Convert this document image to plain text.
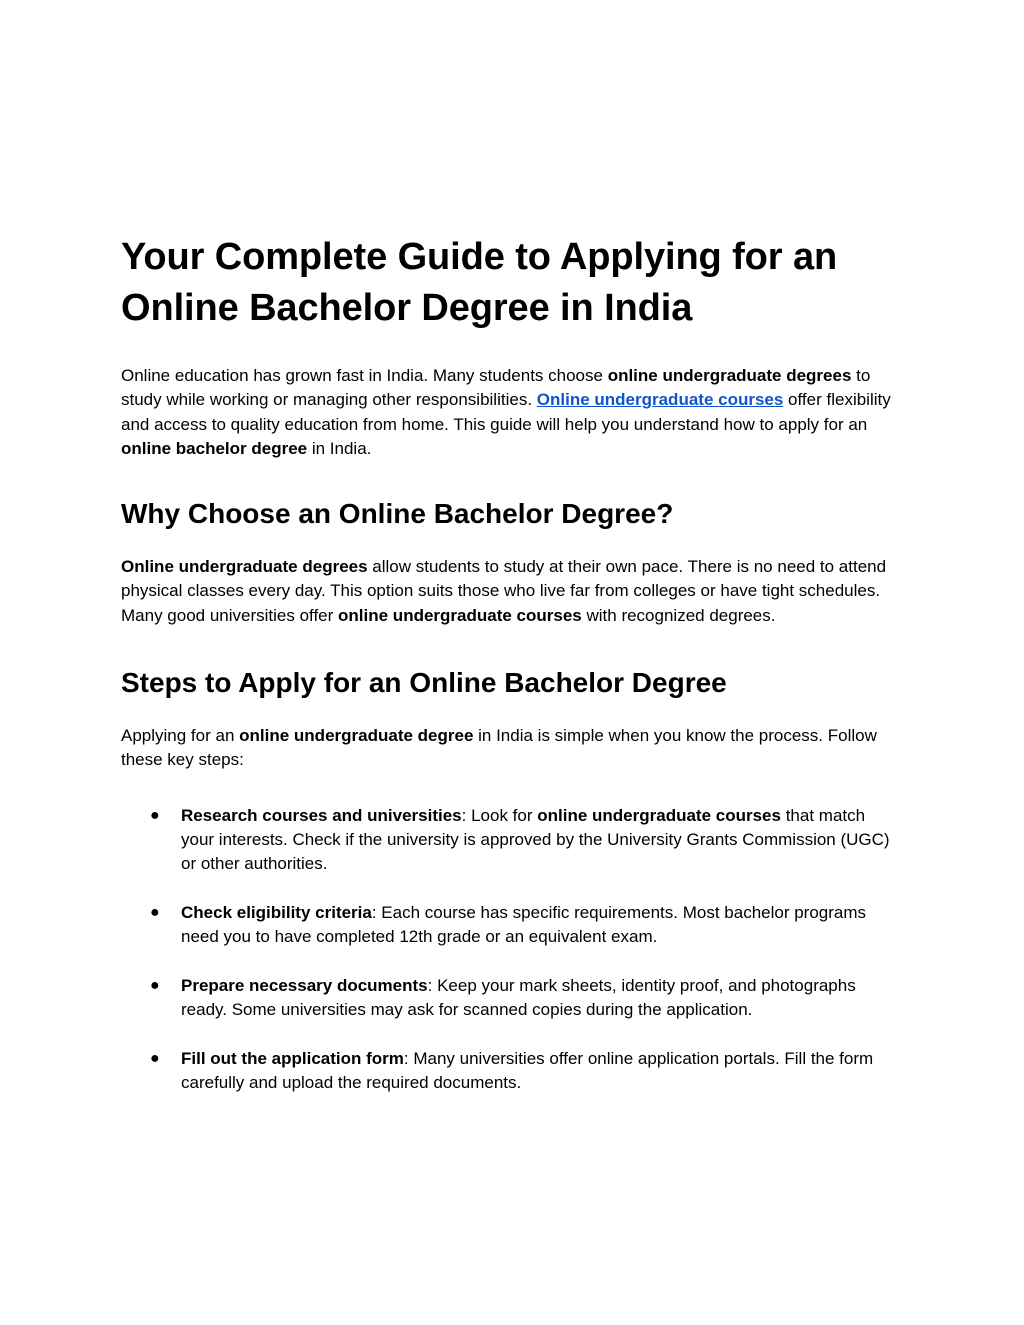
Your Complete Guide to Applying for an
Online Bachelor Degree in India

Online education has grown fast in India. Many students choose online undergraduate degrees to study while working or managing other responsibilities. Online undergraduate courses offer flexibility and access to quality education from home. This guide will help you understand how to apply for an online bachelor degree in India.

Why Choose an Online Bachelor Degree?

Online undergraduate degrees allow students to study at their own pace. There is no need to attend physical classes every day. This option suits those who live far from colleges or have tight schedules. Many good universities offer online undergraduate courses with recognized degrees.

Steps to Apply for an Online Bachelor Degree

Applying for an online undergraduate degree in India is simple when you know the process. Follow these key steps:

● Research courses and universities: Look for online undergraduate courses that match your interests. Check if the university is approved by the University Grants Commission (UGC) or other authorities.
● Check eligibility criteria: Each course has specific requirements. Most bachelor programs need you to have completed 12th grade or an equivalent exam.
● Prepare necessary documents: Keep your mark sheets, identity proof, and photographs ready. Some universities may ask for scanned copies during the application.
● Fill out the application form: Many universities offer online application portals. Fill the form carefully and upload the required documents.
